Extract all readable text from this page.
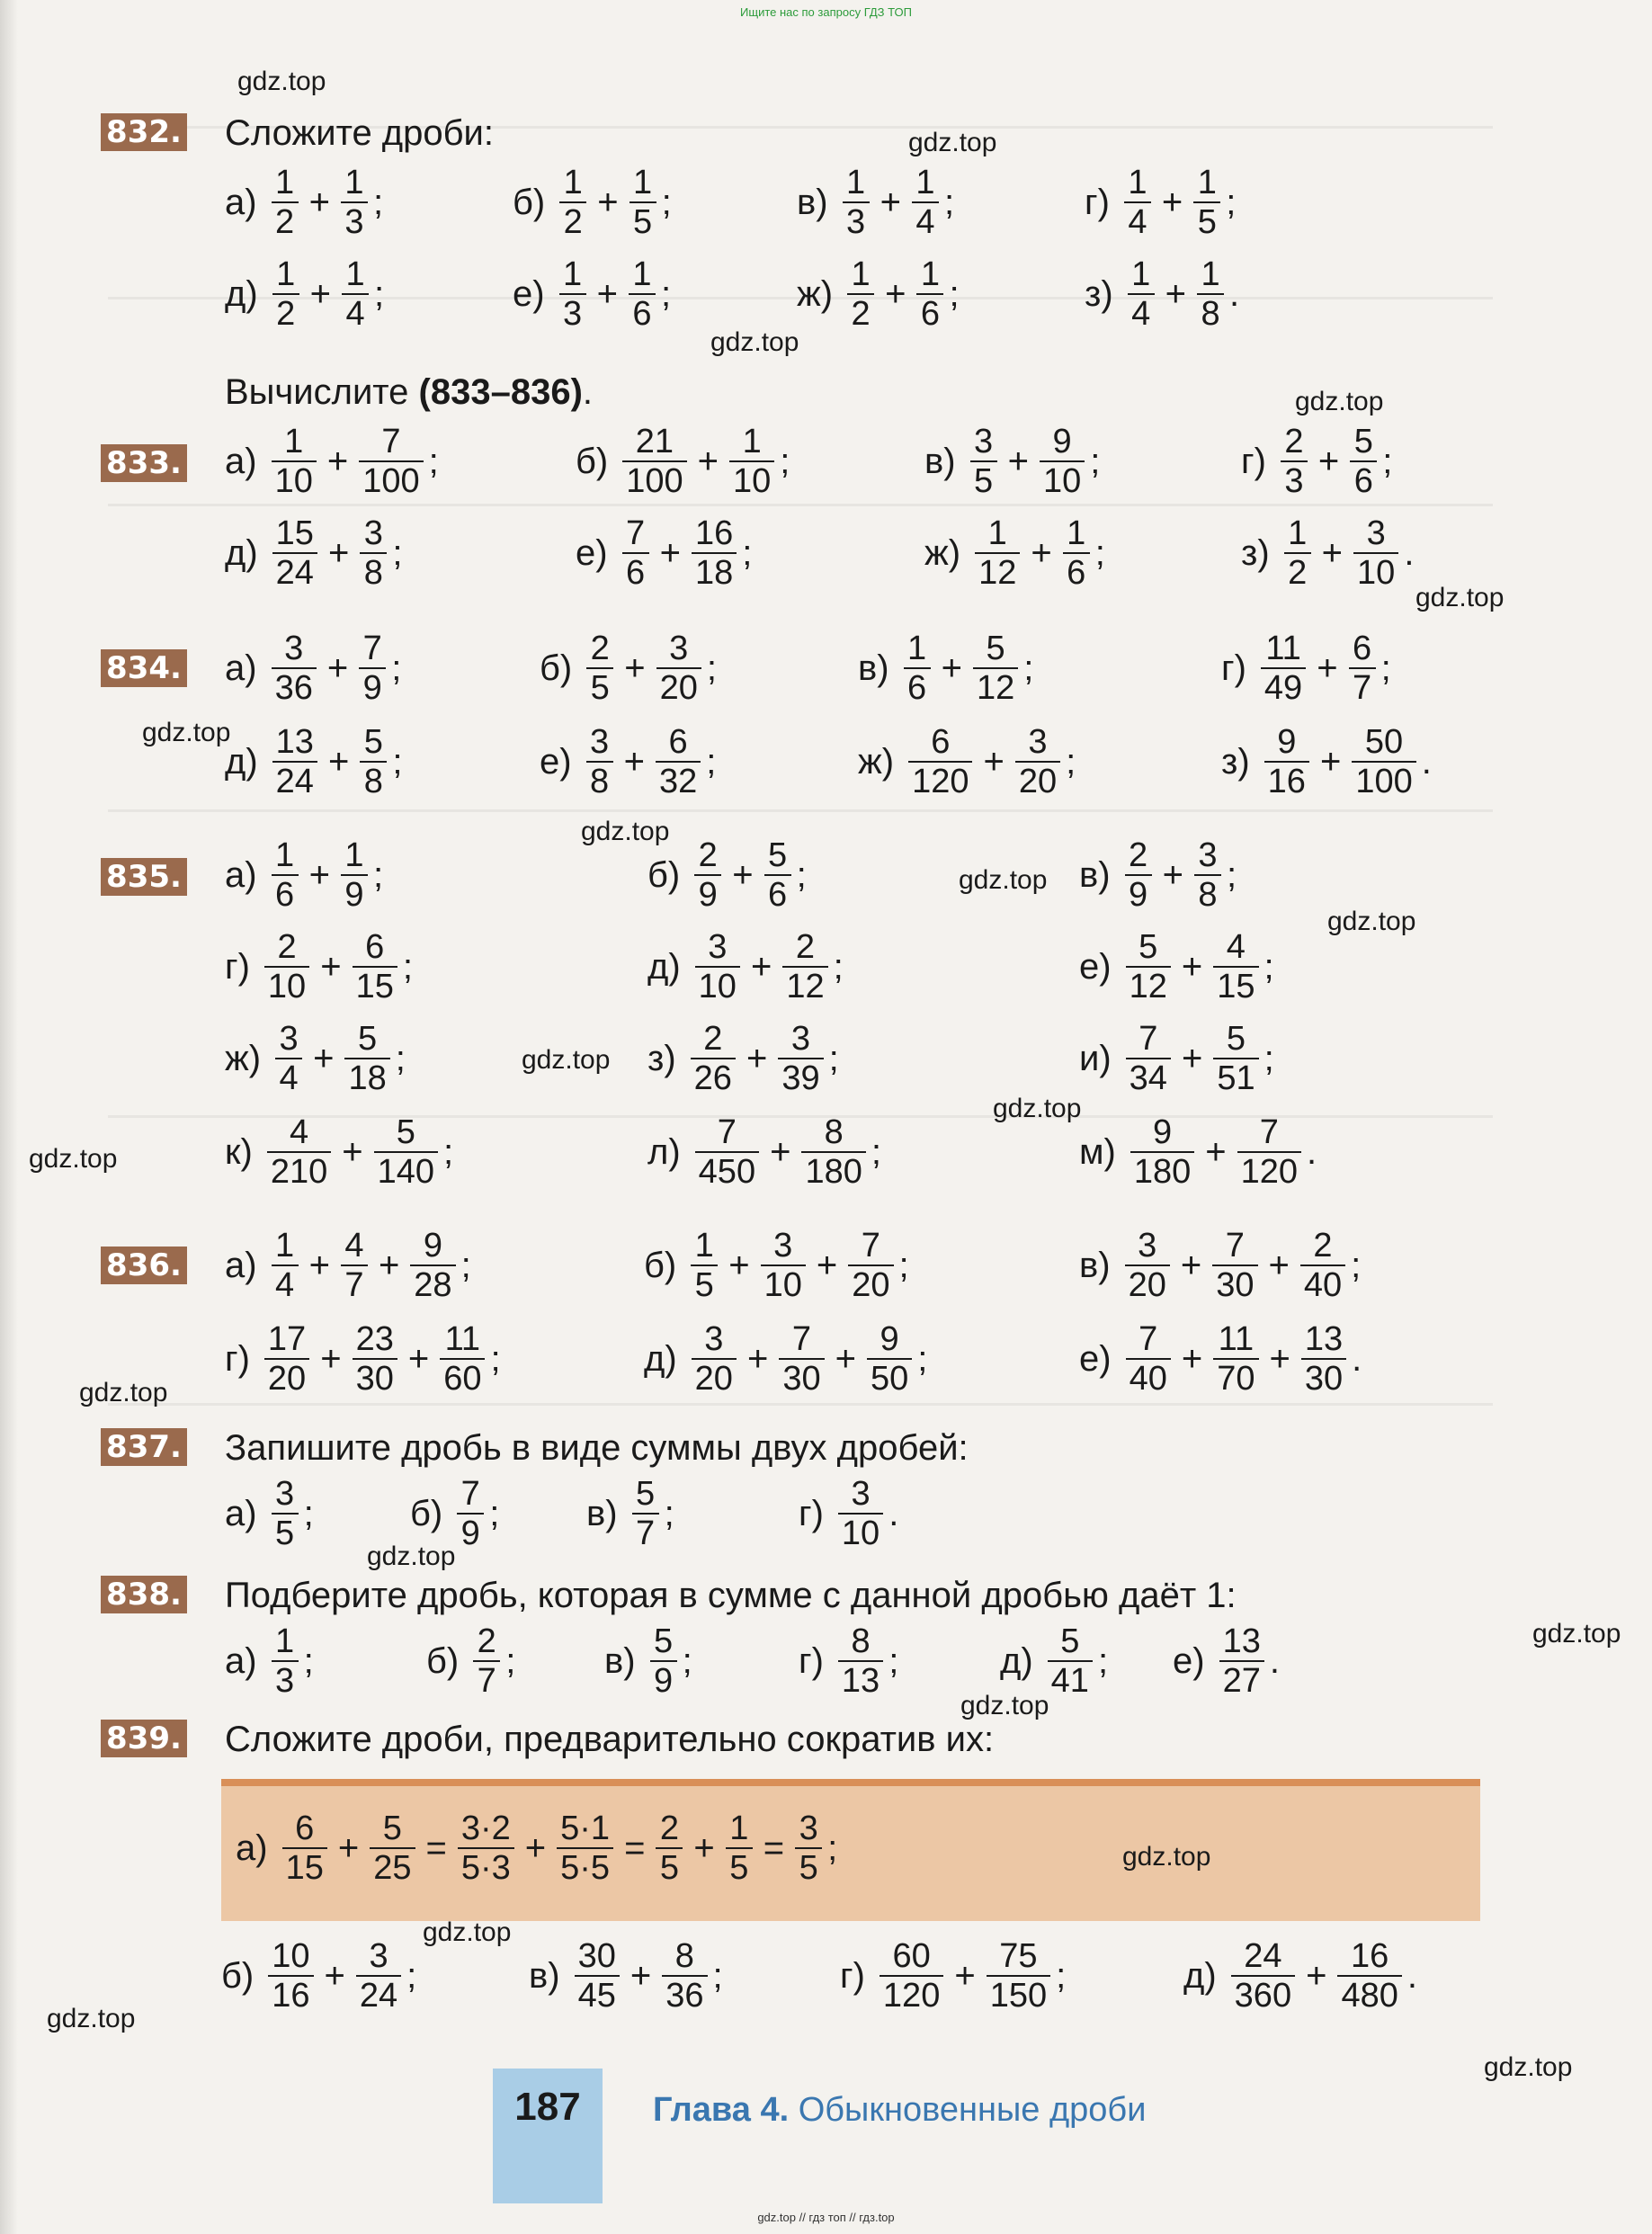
Ищите нас по запросу ГДЗ ТОП
832. Сложите дроби:
$а) \frac{1}{2} + \frac{1}{3}$ ;	$б) \frac{1}{2} + \frac{1}{5}$ ;	$в) \frac{1}{3} + \frac{1}{4}$ ;	$г) \frac{1}{4} + \frac{1}{5}$ ;
$д) \frac{1}{2} + \frac{1}{4}$ ;	$е) \frac{1}{3} + \frac{1}{6}$ ;	$ж) \frac{1}{2} + \frac{1}{6}$ ;	$з) \frac{1}{4} + \frac{1}{8}$ .
Вычислите (833–836).
833. $а) \frac{1}{10} + \frac{7}{100}$ ;	$б) \frac{21}{100} + \frac{1}{10}$ ;	$в) \frac{3}{5} + \frac{9}{10}$ ;	$г) \frac{2}{3} + \frac{5}{6}$ ;
$д) \frac{15}{24} + \frac{3}{8}$ ;	$е) \frac{7}{6} + \frac{16}{18}$ ;	$ж) \frac{1}{12} + \frac{1}{6}$ ;	$з) \frac{1}{2} + \frac{3}{10}$ .
834. $а) \frac{3}{36} + \frac{7}{9}$ ;	$б) \frac{2}{5} + \frac{3}{20}$ ;	$в) \frac{1}{6} + \frac{5}{12}$ ;	$г) \frac{11}{49} + \frac{6}{7}$ ;
$д) \frac{13}{24} + \frac{5}{8}$ ;	$е) \frac{3}{8} + \frac{6}{32}$ ;	$ж) \frac{6}{120} + \frac{3}{20}$ ;	$з) \frac{9}{16} + \frac{50}{100}$ .
835. $а) \frac{1}{6} + \frac{1}{9}$ ;	$б) \frac{2}{9} + \frac{5}{6}$ ;	$в) \frac{2}{9} + \frac{3}{8}$ ;
$г) \frac{2}{10} + \frac{6}{15}$ ;	$д) \frac{3}{10} + \frac{2}{12}$ ;	$е) \frac{5}{12} + \frac{4}{15}$ ;
$ж) \frac{3}{4} + \frac{5}{18}$ ;	$з) \frac{2}{26} + \frac{3}{39}$ ;	$и) \frac{7}{34} + \frac{5}{51}$ ;
$к) \frac{4}{210} + \frac{5}{140}$ ;	$л) \frac{7}{450} + \frac{8}{180}$ ;	$м) \frac{9}{180} + \frac{7}{120}$ .
836. $а) \frac{1}{4} + \frac{4}{7} + \frac{9}{28}$ ;	$б) \frac{1}{5} + \frac{3}{10} + \frac{7}{20}$ ;	$в) \frac{3}{20} + \frac{7}{30} + \frac{2}{40}$ ;
$г) \frac{17}{20} + \frac{23}{30} + \frac{11}{60}$ ;	$д) \frac{3}{20} + \frac{7}{30} + \frac{9}{50}$ ;	$е) \frac{7}{40} + \frac{11}{70} + \frac{13}{30}$ .
837. Запишите дробь в виде суммы двух дробей:
$а) \frac{3}{5}$ ;	$б) \frac{7}{9}$ ; $в) \frac{5}{7}$ ;	$г) \frac{3}{10}$ .
838. Подберите дробь, которая в сумме с данной дробью даёт 1:
$а) \frac{1}{3}$ ;	$б) \frac{2}{7}$ ; $в) \frac{5}{9}$ ;	$г) \frac{8}{13}$ ;	$д) \frac{5}{41}$ ; $е) \frac{13}{27}$ .
839. Сложите дроби, предварительно сократив их:
$а) \frac{6}{15} + \frac{5}{25} = \frac{3\cdot 2}{5\cdot 3} + \frac{5\cdot 1}{5\cdot 5} = \frac{2}{5} + \frac{1}{5} = \frac{3}{5}$ ;
$б) \frac{10}{16} + \frac{3}{24}$ ;	$в) \frac{30}{45} + \frac{8}{36}$ ;	$г) \frac{60}{120} + \frac{75}{150}$ ;	$д) \frac{24}{360} + \frac{16}{480}$ .
187	Глава 4. Обыкновенные дроби
gdz.top
gdz.top
gdz.top
gdz.top
gdz.top
gdz.top
gdz.top
gdz.top
gdz.top
gdz.top
gdz.top
gdz.top
gdz.top
gdz.top
gdz.top
gdz.top
gdz.top
gdz.top
gdz.top
gdz.top
gdz.top // гдз топ // гдз.top
